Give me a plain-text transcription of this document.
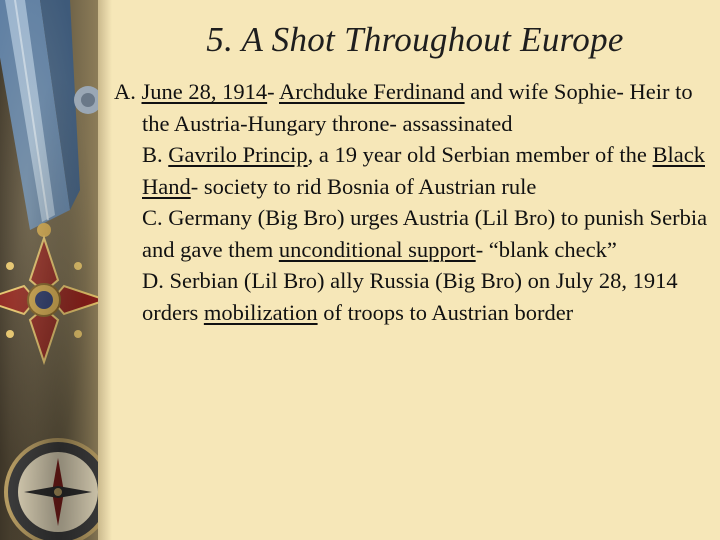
5. A Shot Throughout Europe

A. June 28, 1914- Archduke Ferdinand and wife Sophie- Heir to the Austria-Hungary throne- assassinated

B. Gavrilo Princip, a 19 year old Serbian member of the Black Hand- society to rid Bosnia of Austrian rule

C. Germany (Big Bro) urges Austria (Lil Bro) to punish Serbia and gave them unconditional support- “blank check”

D. Serbian (Lil Bro) ally Russia (Big Bro) on July 28, 1914 orders mobilization of troops to Austrian border
